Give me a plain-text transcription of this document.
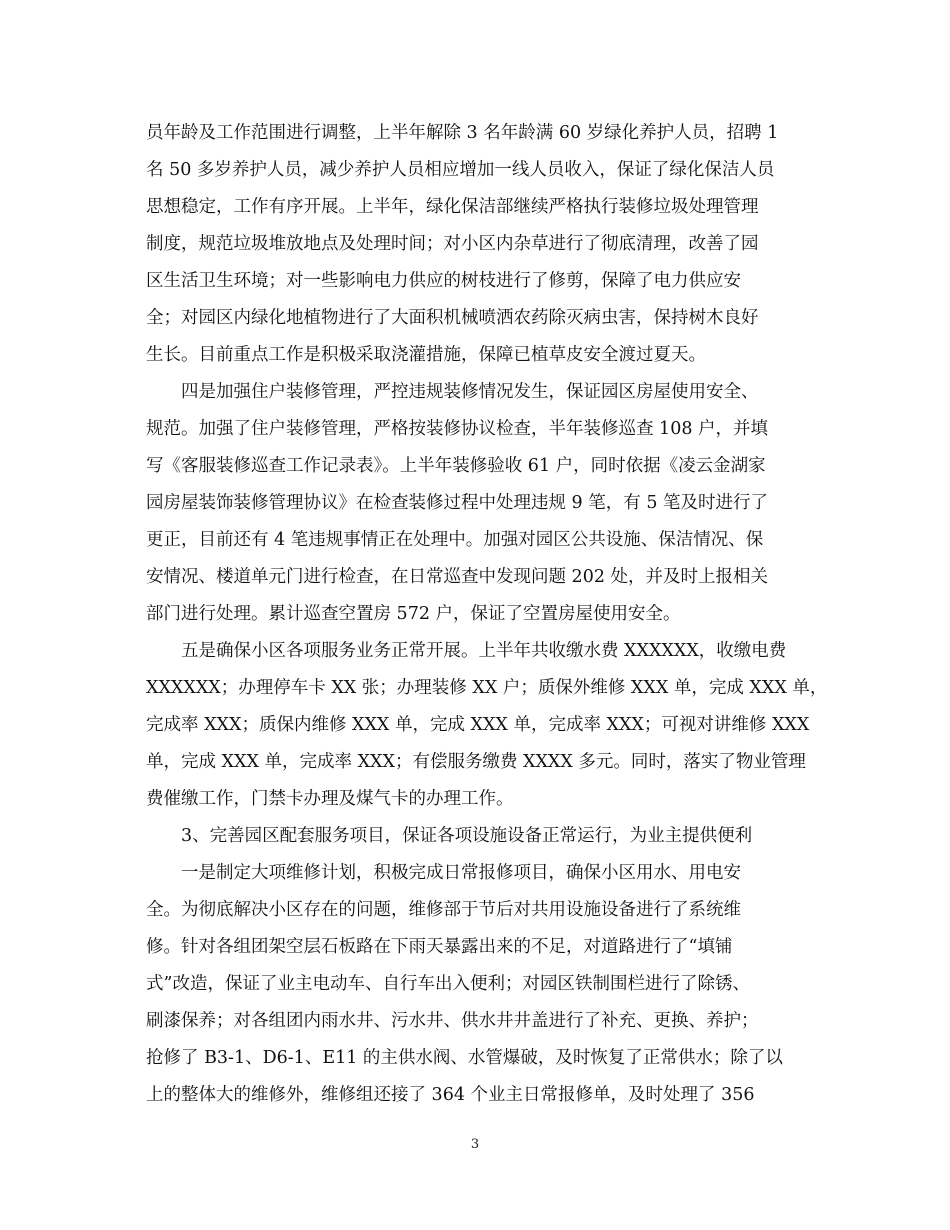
员年龄及工作范围进行调整，上半年解除 3 名年龄满 60 岁绿化养护人员，招聘 1
名 50 多岁养护人员，减少养护人员相应增加一线人员收入，保证了绿化保洁人员
思想稳定，工作有序开展。上半年，绿化保洁部继续严格执行装修垃圾处理管理
制度，规范垃圾堆放地点及处理时间；对小区内杂草进行了彻底清理，改善了园
区生活卫生环境；对一些影响电力供应的树枝进行了修剪，保障了电力供应安
全；对园区内绿化地植物进行了大面积机械喷洒农药除灭病虫害，保持树木良好
生长。目前重点工作是积极采取浇灌措施，保障已植草皮安全渡过夏天。
　　四是加强住户装修管理，严控违规装修情况发生，保证园区房屋使用安全、
规范。加强了住户装修管理，严格按装修协议检查，半年装修巡查 108 户，并填
写《客服装修巡查工作记录表》。上半年装修验收 61 户，同时依据《凌云金湖家
园房屋装饰装修管理协议》在检查装修过程中处理违规 9 笔，有 5 笔及时进行了
更正，目前还有 4 笔违规事情正在处理中。加强对园区公共设施、保洁情况、保
安情况、楼道单元门进行检查，在日常巡查中发现问题 202 处，并及时上报相关
部门进行处理。累计巡查空置房 572 户，保证了空置房屋使用安全。
　　五是确保小区各项服务业务正常开展。上半年共收缴水费 XXXXXX，收缴电费
XXXXXX；办理停车卡 XX 张；办理装修 XX 户；质保外维修 XXX 单，完成 XXX 单，
完成率 XXX；质保内维修 XXX 单，完成 XXX 单，完成率 XXX；可视对讲维修 XXX
单，完成 XXX 单，完成率 XXX；有偿服务缴费 XXXX 多元。同时，落实了物业管理
费催缴工作，门禁卡办理及煤气卡的办理工作。
　　3、完善园区配套服务项目，保证各项设施设备正常运行，为业主提供便利
　　一是制定大项维修计划，积极完成日常报修项目，确保小区用水、用电安
全。为彻底解决小区存在的问题，维修部于节后对共用设施设备进行了系统维
修。针对各组团架空层石板路在下雨天暴露出来的不足，对道路进行了“填铺
式”改造，保证了业主电动车、自行车出入便利；对园区铁制围栏进行了除锈、
刷漆保养；对各组团内雨水井、污水井、供水井井盖进行了补充、更换、养护；
抢修了 B3-1、D6-1、E11 的主供水阀、水管爆破，及时恢复了正常供水；除了以
上的整体大的维修外，维修组还接了 364 个业主日常报修单，及时处理了 356
3
